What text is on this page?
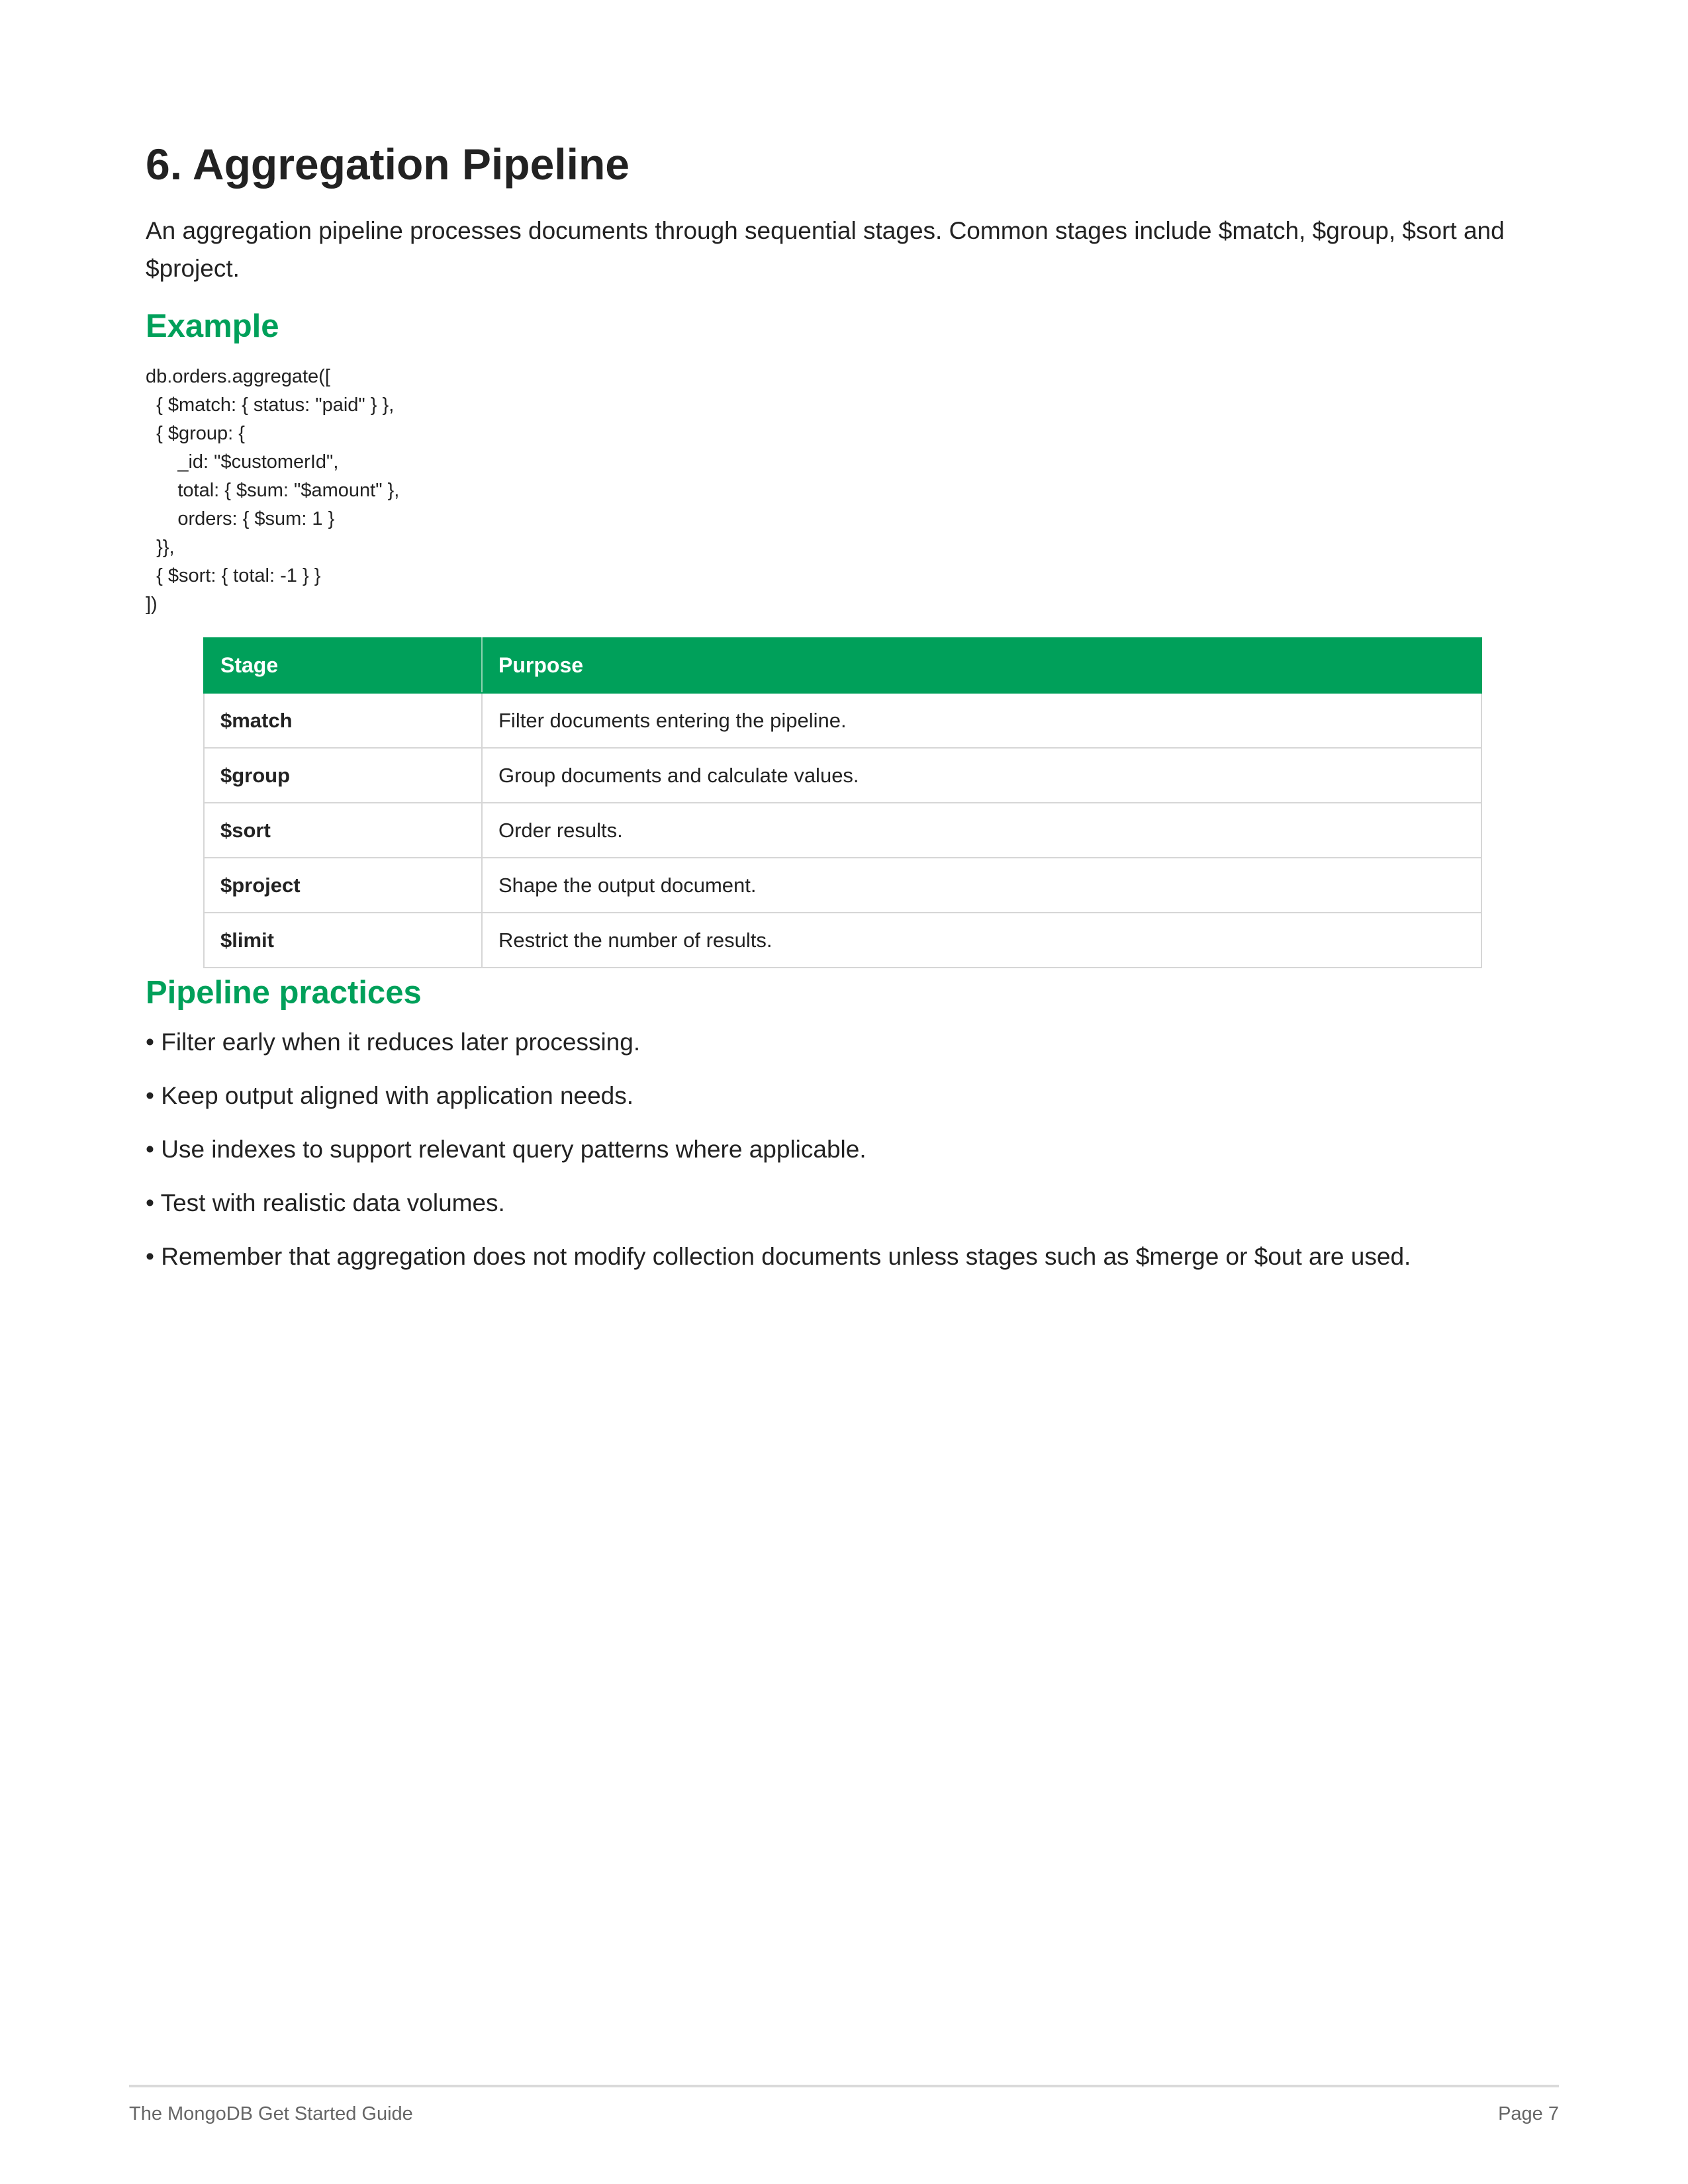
6. Aggregation Pipeline

An aggregation pipeline processes documents through sequential stages. Common stages include $match, $group, $sort and $project.

Example
db.orders.aggregate([
{ $match: { status: "paid" } },
{ $group: {
_id: "$customerId",
total: { $sum: "$amount" },
orders: { $sum: 1 }
}},
{ $sort: { total: -1 } }
])
Stage	Purpose
$match	Filter documents entering the pipeline.
$group	Group documents and calculate values.
$sort	Order results.
$project	Shape the output document.
$limit	Restrict the number of results.
Pipeline practices
• Filter early when it reduces later processing.
• Keep output aligned with application needs.
• Use indexes to support relevant query patterns where applicable.
• Test with realistic data volumes.
• Remember that aggregation does not modify collection documents unless stages such as $merge or $out are used.
The MongoDB Get Started Guide	Page 7
